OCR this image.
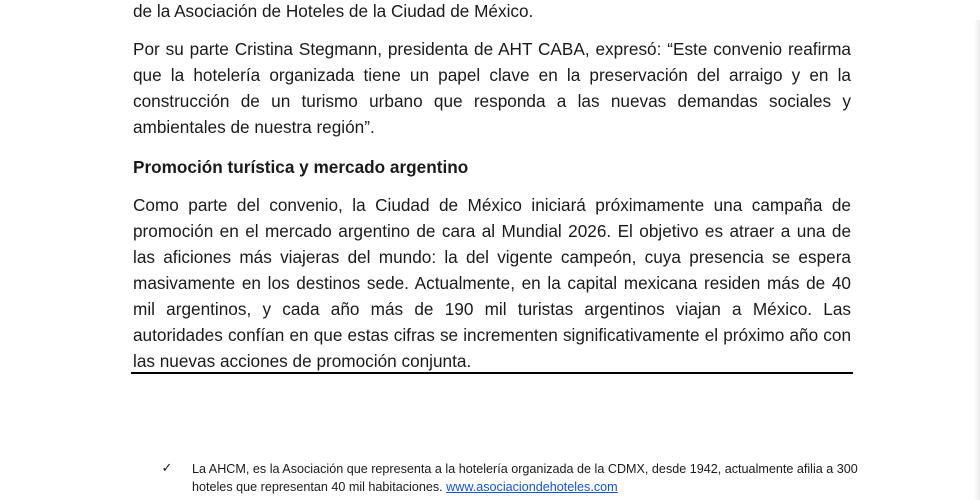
de la Asociación de Hoteles de la Ciudad de México.

Por su parte Cristina Stegmann, presidenta de AHT CABA, expresó: “Este convenio reafirma que la hotelería organizada tiene un papel clave en la preservación del arraigo y en la construcción de un turismo urbano que responda a las nuevas demandas sociales y ambientales de nuestra región”.

Promoción turística y mercado argentino

Como parte del convenio, la Ciudad de México iniciará próximamente una campaña de promoción en el mercado argentino de cara al Mundial 2026. El objetivo es atraer a una de las aficiones más viajeras del mundo: la del vigente campeón, cuya presencia se espera masivamente en los destinos sede. Actualmente, en la capital mexicana residen más de 40 mil argentinos, y cada año más de 190 mil turistas argentinos viajan a México. Las autoridades confían en que estas cifras se incrementen significativamente el próximo año con las nuevas acciones de promoción conjunta.

✓ La AHCM, es la Asociación que representa a la hotelería organizada de la CDMX, desde 1942, actualmente afilia a 300 hoteles que representan 40 mil habitaciones. www.asociaciondehoteles.com
